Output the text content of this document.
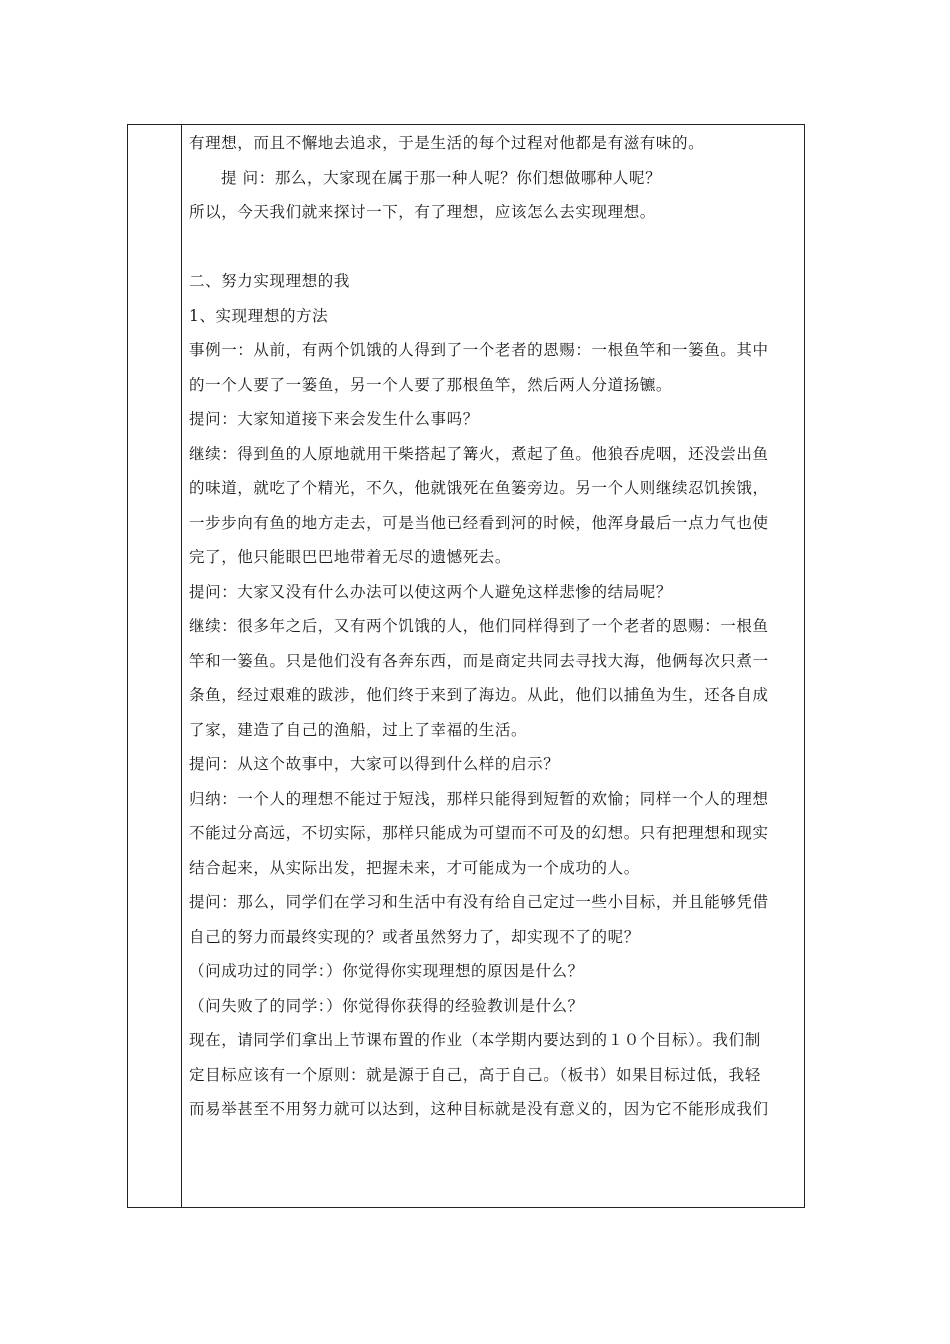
有理想，而且不懈地去追求，于是生活的每个过程对他都是有滋有味的。
提 问：那么，大家现在属于那一种人呢？你们想做哪种人呢？
所以，今天我们就来探讨一下，有了理想，应该怎么去实现理想。
二、努力实现理想的我
1、实现理想的方法
事例一：从前，有两个饥饿的人得到了一个老者的恩赐：一根鱼竿和一篓鱼。其中
的一个人要了一篓鱼，另一个人要了那根鱼竿，然后两人分道扬镳。
提问：大家知道接下来会发生什么事吗？
继续：得到鱼的人原地就用干柴搭起了篝火，煮起了鱼。他狼吞虎咽，还没尝出鱼
的味道，就吃了个精光，不久，他就饿死在鱼篓旁边。另一个人则继续忍饥挨饿，
一步步向有鱼的地方走去，可是当他已经看到河的时候，他浑身最后一点力气也使
完了，他只能眼巴巴地带着无尽的遗憾死去。
提问：大家又没有什么办法可以使这两个人避免这样悲惨的结局呢？
继续：很多年之后，又有两个饥饿的人，他们同样得到了一个老者的恩赐：一根鱼
竿和一篓鱼。只是他们没有各奔东西，而是商定共同去寻找大海，他俩每次只煮一
条鱼，经过艰难的跋涉，他们终于来到了海边。从此，他们以捕鱼为生，还各自成
了家，建造了自己的渔船，过上了幸福的生活。
提问：从这个故事中，大家可以得到什么样的启示？
归纳：一个人的理想不能过于短浅，那样只能得到短暂的欢愉；同样一个人的理想
不能过分高远，不切实际，那样只能成为可望而不可及的幻想。只有把理想和现实
结合起来，从实际出发，把握未来，才可能成为一个成功的人。
提问：那么，同学们在学习和生活中有没有给自己定过一些小目标，并且能够凭借
自己的努力而最终实现的？或者虽然努力了，却实现不了的呢？
（问成功过的同学：）你觉得你实现理想的原因是什么？
（问失败了的同学：）你觉得你获得的经验教训是什么？
现在，请同学们拿出上节课布置的作业（本学期内要达到的１０个目标）。我们制
定目标应该有一个原则：就是源于自己，高于自己。（板书）如果目标过低，我轻
而易举甚至不用努力就可以达到，这种目标就是没有意义的，因为它不能形成我们
